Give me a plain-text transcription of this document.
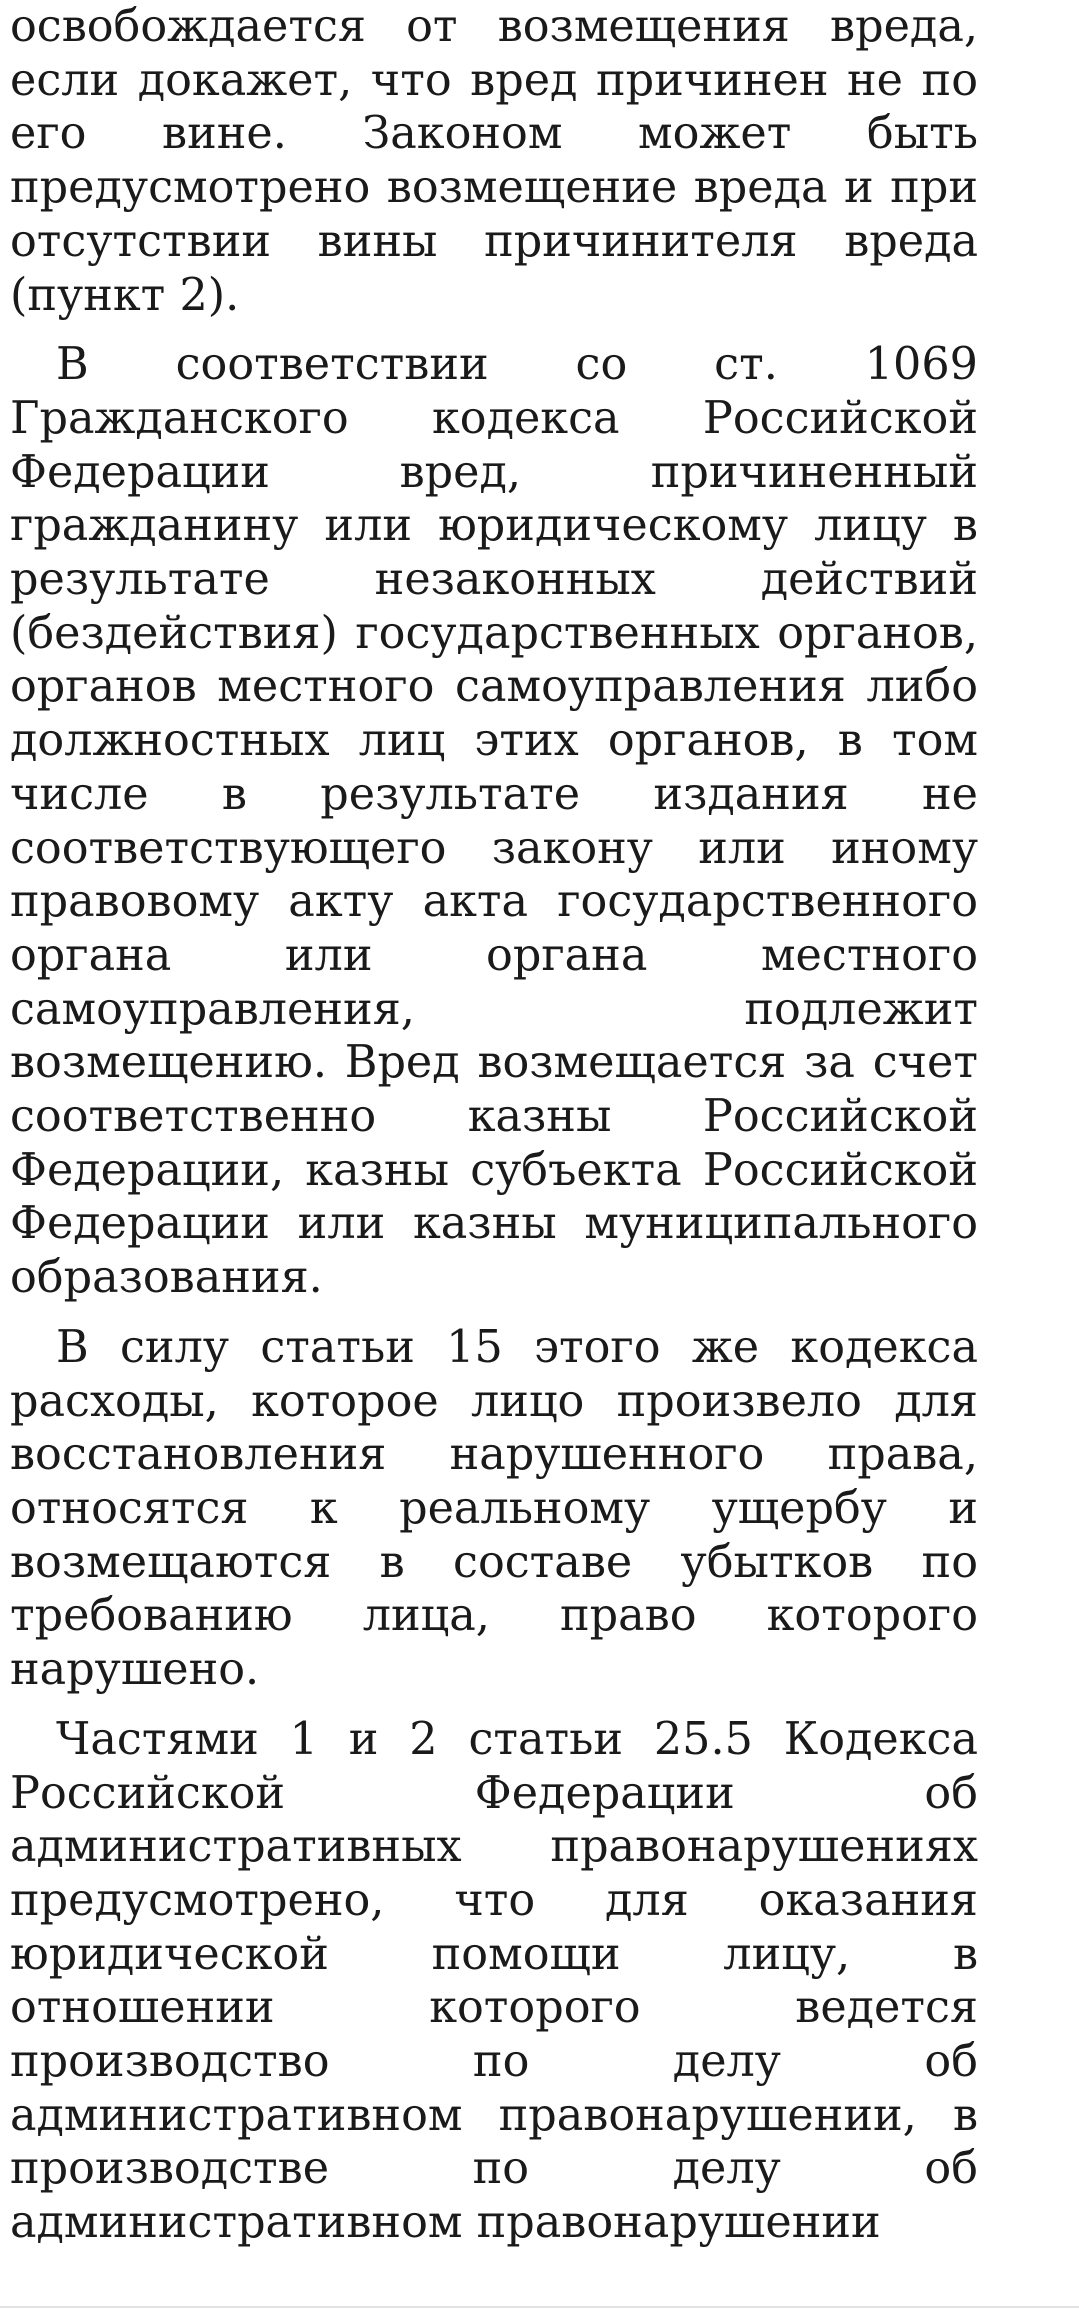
освобождается от возмещения вреда, если докажет, что вред причинен не по его вине. Законом может быть предусмотрено возмещение вреда и при отсутствии вины причинителя вреда (пункт 2).

В соответствии со ст. 1069 Гражданского кодекса Российской Федерации вред, причиненный гражданину или юридическому лицу в результате незаконных действий (бездействия) государственных органов, органов местного самоуправления либо должностных лиц этих органов, в том числе в результате издания не соответствующего закону или иному правовому акту акта государственного органа или органа местного самоуправления, подлежит возмещению. Вред возмещается за счет соответственно казны Российской Федерации, казны субъекта Российской Федерации или казны муниципального образования.

В силу статьи 15 этого же кодекса расходы, которое лицо произвело для восстановления нарушенного права, относятся к реальному ущербу и возмещаются в составе убытков по требованию лица, право которого нарушено.

Частями 1 и 2 статьи 25.5 Кодекса Российской Федерации об административных правонарушениях предусмотрено, что для оказания юридической помощи лицу, в отношении которого ведется производство по делу об административном правонарушении, в производстве по делу об административном правонарушении
